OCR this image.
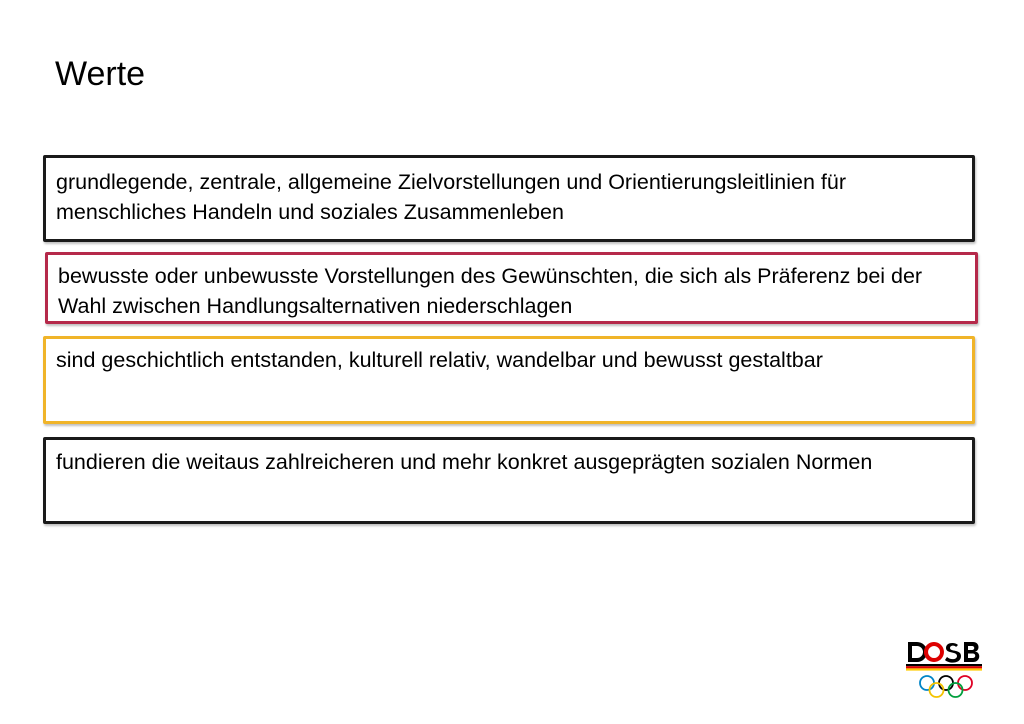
Werte
grundlegende, zentrale, allgemeine Zielvorstellungen und Orientierungsleitlinien für menschliches Handeln und soziales Zusammenleben
bewusste oder unbewusste Vorstellungen des Gewünschten, die sich als Präferenz bei der Wahl zwischen Handlungsalternativen niederschlagen
sind geschichtlich entstanden, kulturell relativ, wandelbar und bewusst gestaltbar
fundieren die weitaus zahlreicheren und mehr konkret ausgeprägten sozialen Normen
